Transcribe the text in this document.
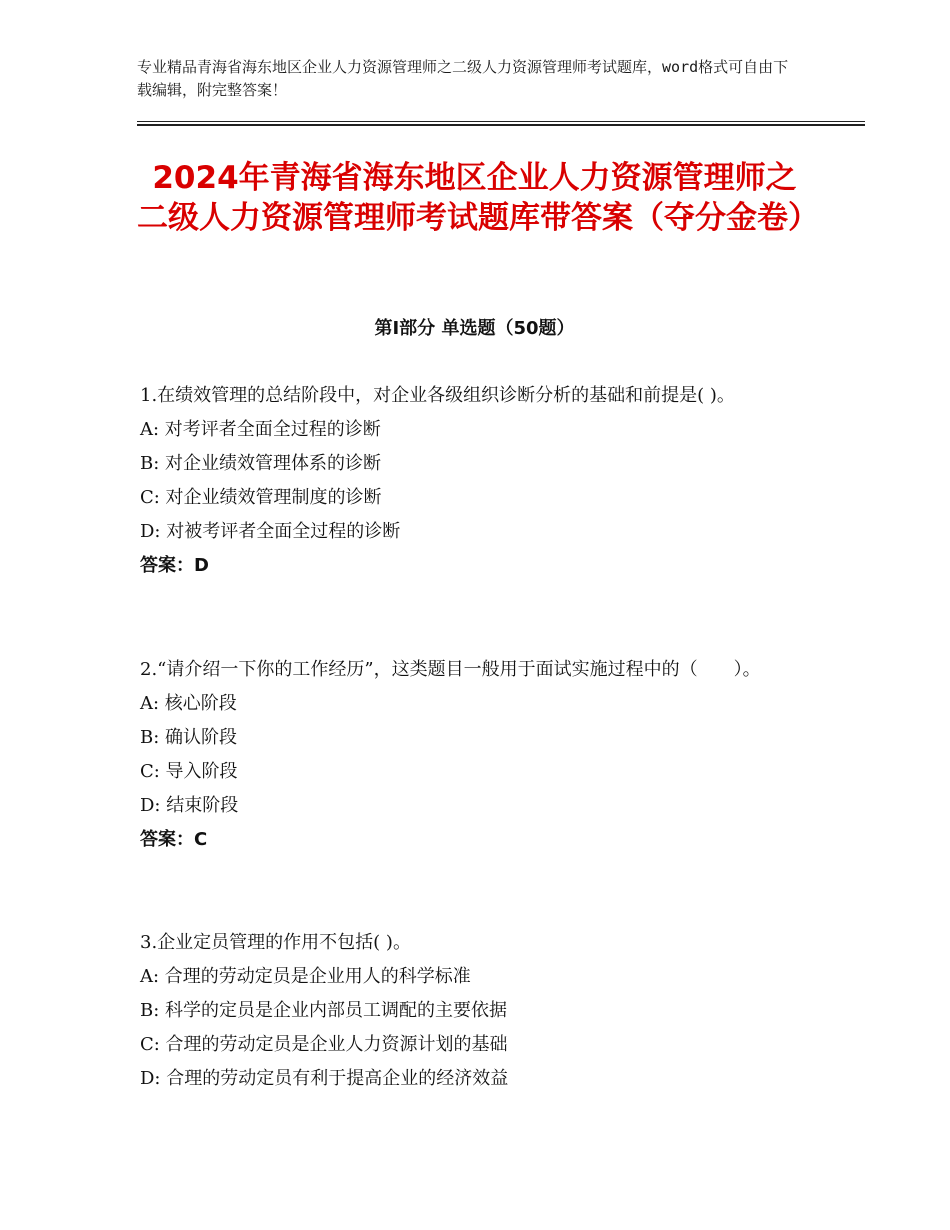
专业精品青海省海东地区企业人力资源管理师之二级人力资源管理师考试题库，word格式可自由下载编辑，附完整答案！
2024年青海省海东地区企业人力资源管理师之二级人力资源管理师考试题库带答案（夺分金卷）
第Ⅰ部分 单选题（50题）

1.在绩效管理的总结阶段中，对企业各级组织诊断分析的基础和前提是( )。

A: 对考评者全面全过程的诊断

B: 对企业绩效管理体系的诊断

C: 对企业绩效管理制度的诊断

D: 对被考评者全面全过程的诊断

答案：D

2.“请介绍一下你的工作经历”，这类题目一般用于面试实施过程中的（　　）。

A: 核心阶段

B: 确认阶段

C: 导入阶段

D: 结束阶段

答案：C

3.企业定员管理的作用不包括( )。

A: 合理的劳动定员是企业用人的科学标准

B: 科学的定员是企业内部员工调配的主要依据

C: 合理的劳动定员是企业人力资源计划的基础

D: 合理的劳动定员有利于提高企业的经济效益
